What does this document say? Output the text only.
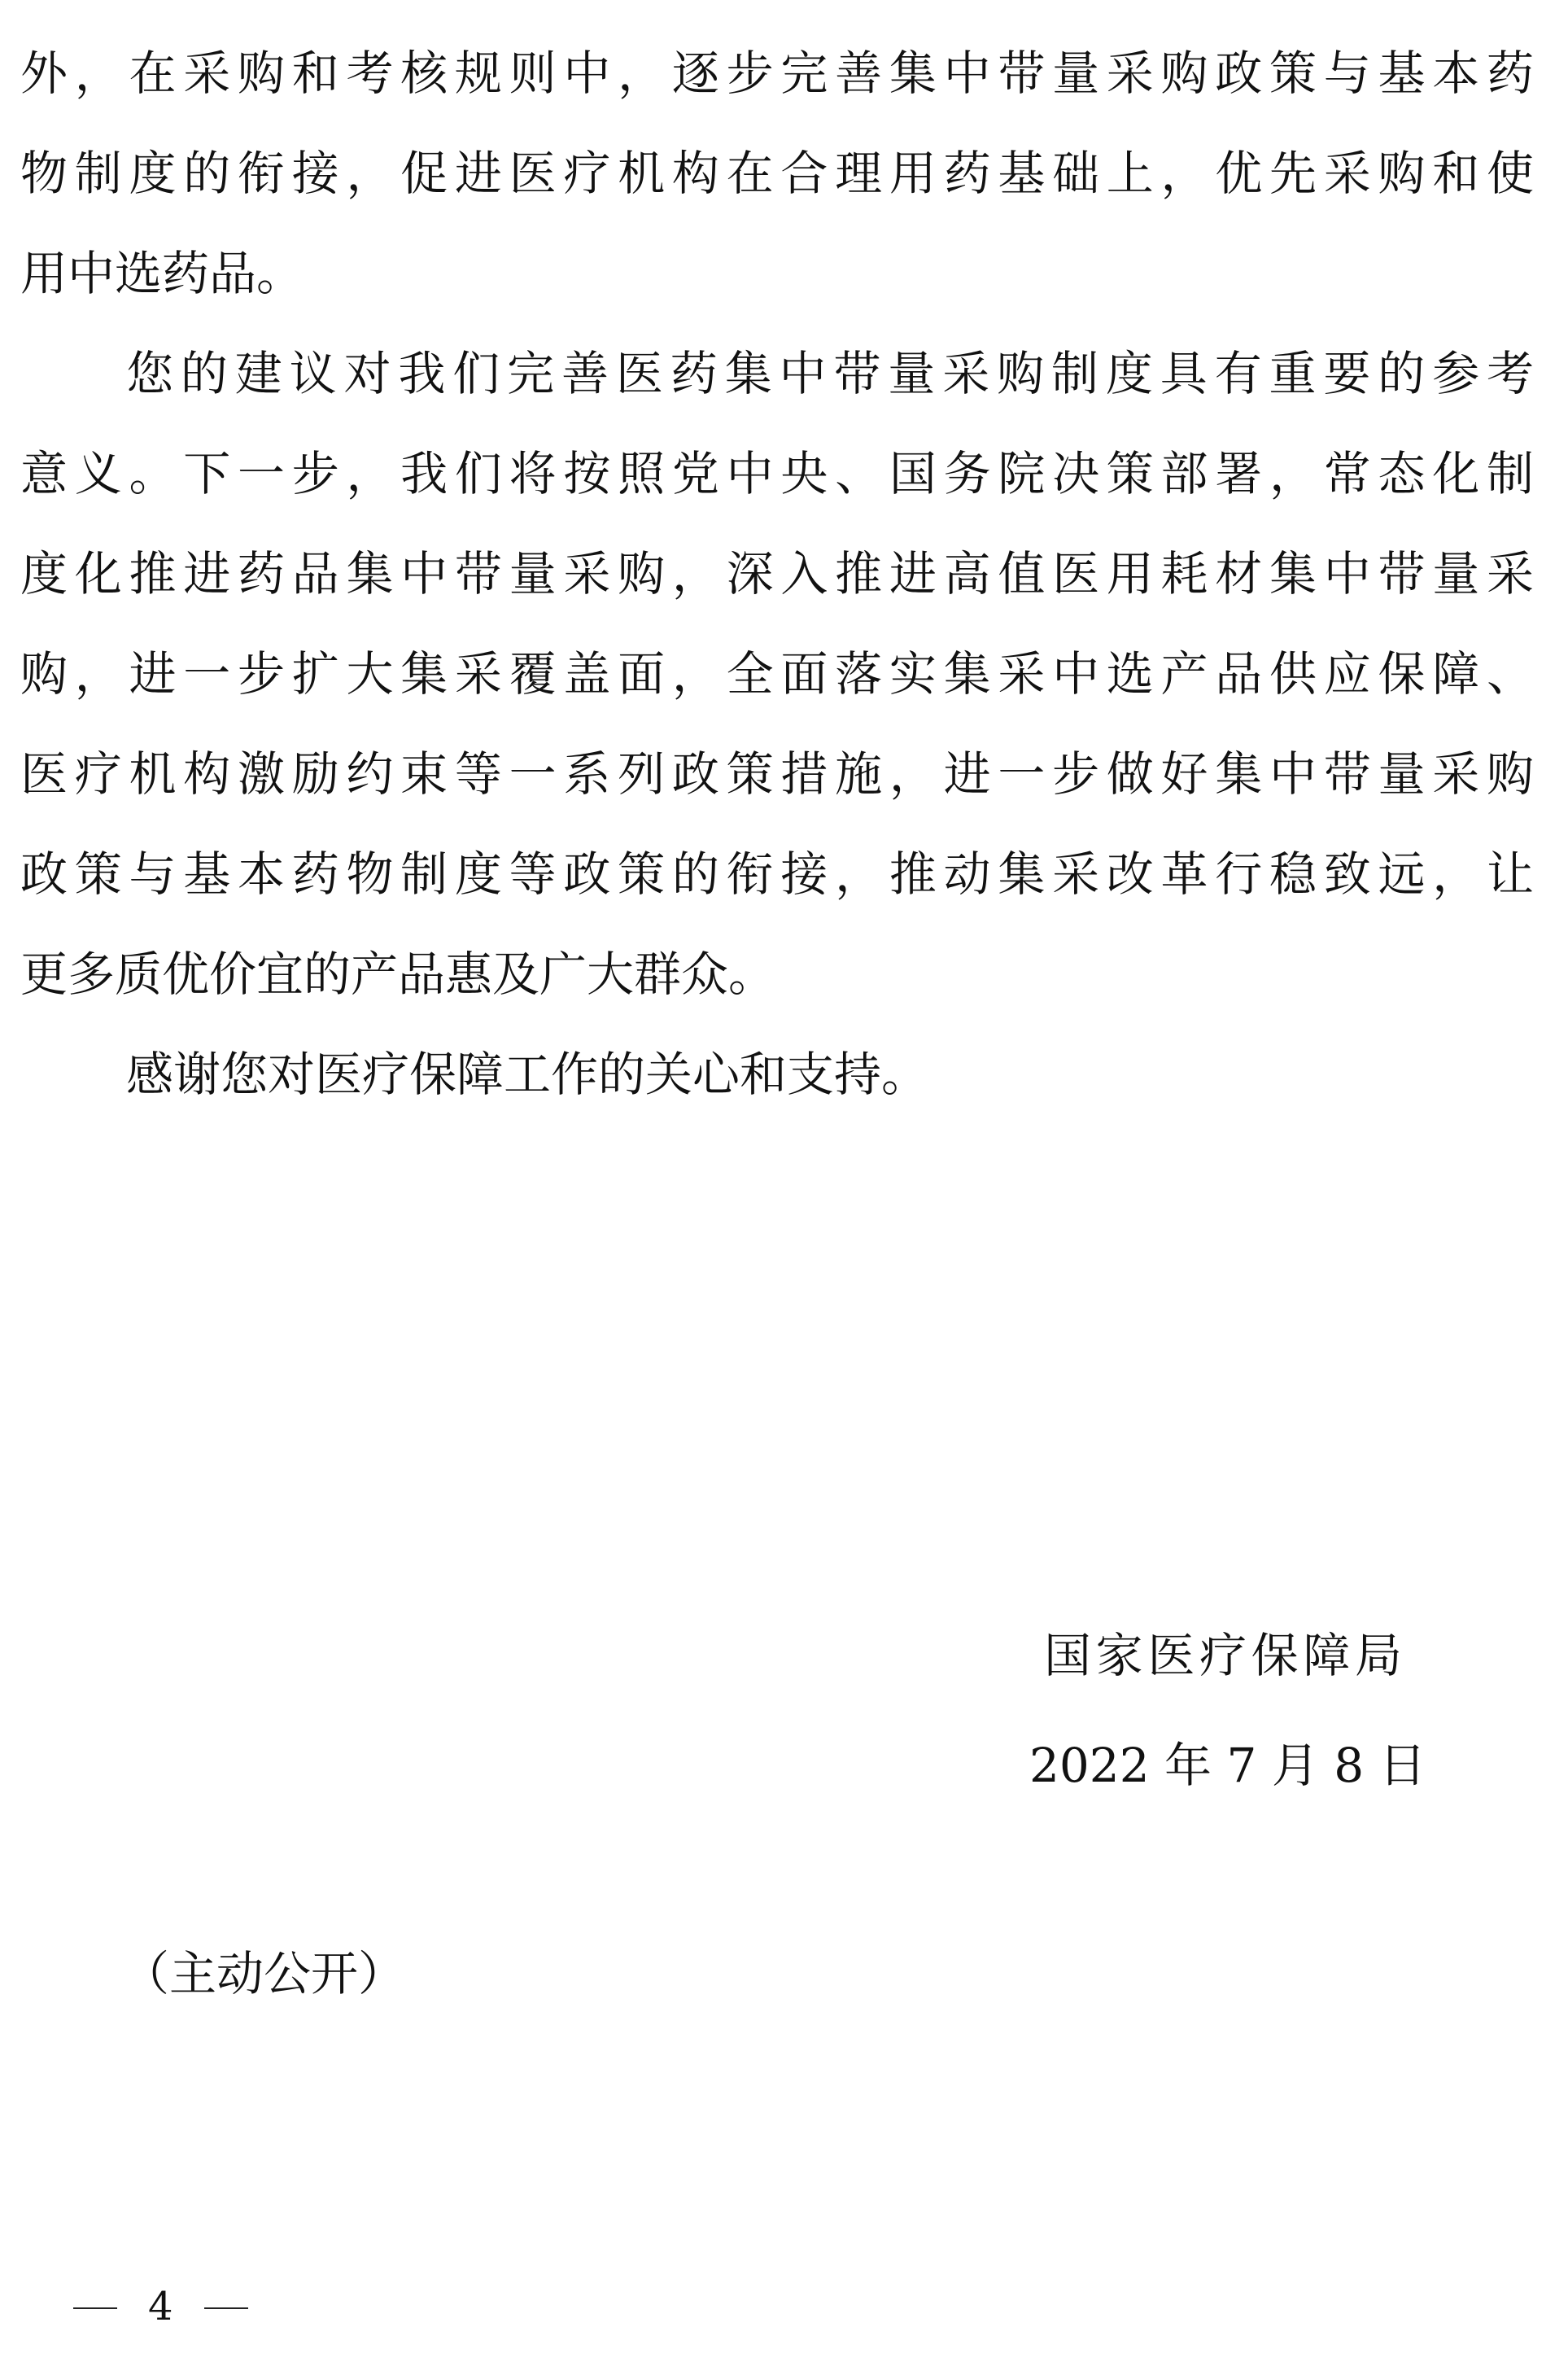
外，在采购和考核规则中，逐步完善集中带量采购政策与基本药
物制度的衔接，促进医疗机构在合理用药基础上，优先采购和使
用中选药品。
您的建议对我们完善医药集中带量采购制度具有重要的参考
意义。下一步，我们将按照党中央、国务院决策部署，常态化制
度化推进药品集中带量采购，深入推进高值医用耗材集中带量采
购，进一步扩大集采覆盖面，全面落实集采中选产品供应保障、
医疗机构激励约束等一系列政策措施，进一步做好集中带量采购
政策与基本药物制度等政策的衔接，推动集采改革行稳致远，让
更多质优价宜的产品惠及广大群众。
感谢您对医疗保障工作的关心和支持。
国家医疗保障局
2022 年 7 月 8 日
（主动公开）
4
